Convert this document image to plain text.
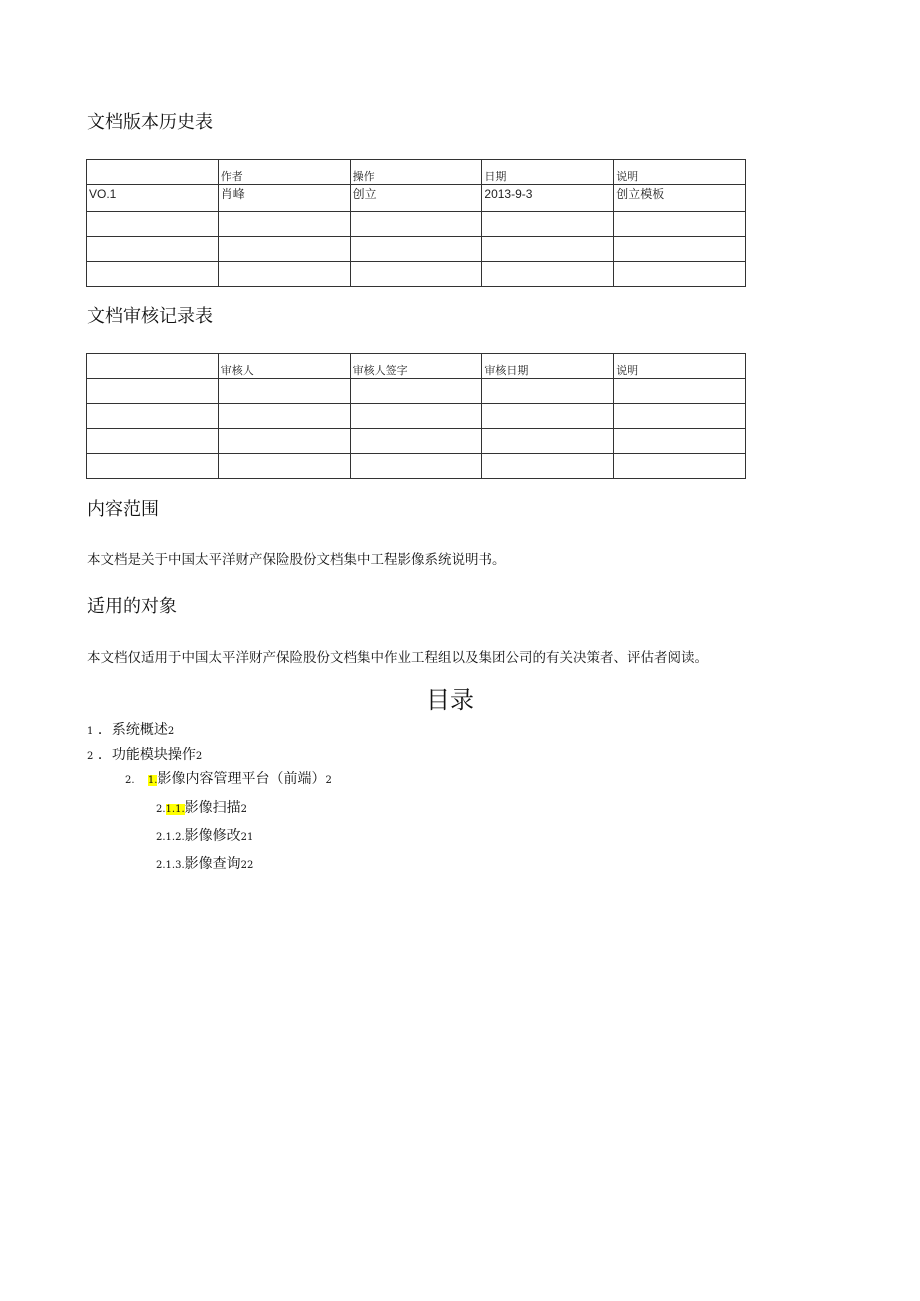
文档版本历史表
	作者	操作	日期	说明
VO.1	肖峰	创立	2013-9-3	创立模板

文档审核记录表
	审核人	审核人签字	审核日期	说明

内容范围

本文档是关于中国太平洋财产保险股份文档集中工程影像系统说明书。

适用的对象

本文档仅适用于中国太平洋财产保险股份文档集中作业工程组以及集团公司的有关决策者、评估者阅读。

目录
1 ．系统概述2
2 ．功能模块操作2
2. 1.影像内容管理平台（前端）2
2.1.1.影像扫描2
2.1.2.影像修改21
2.1.3.影像查询22
